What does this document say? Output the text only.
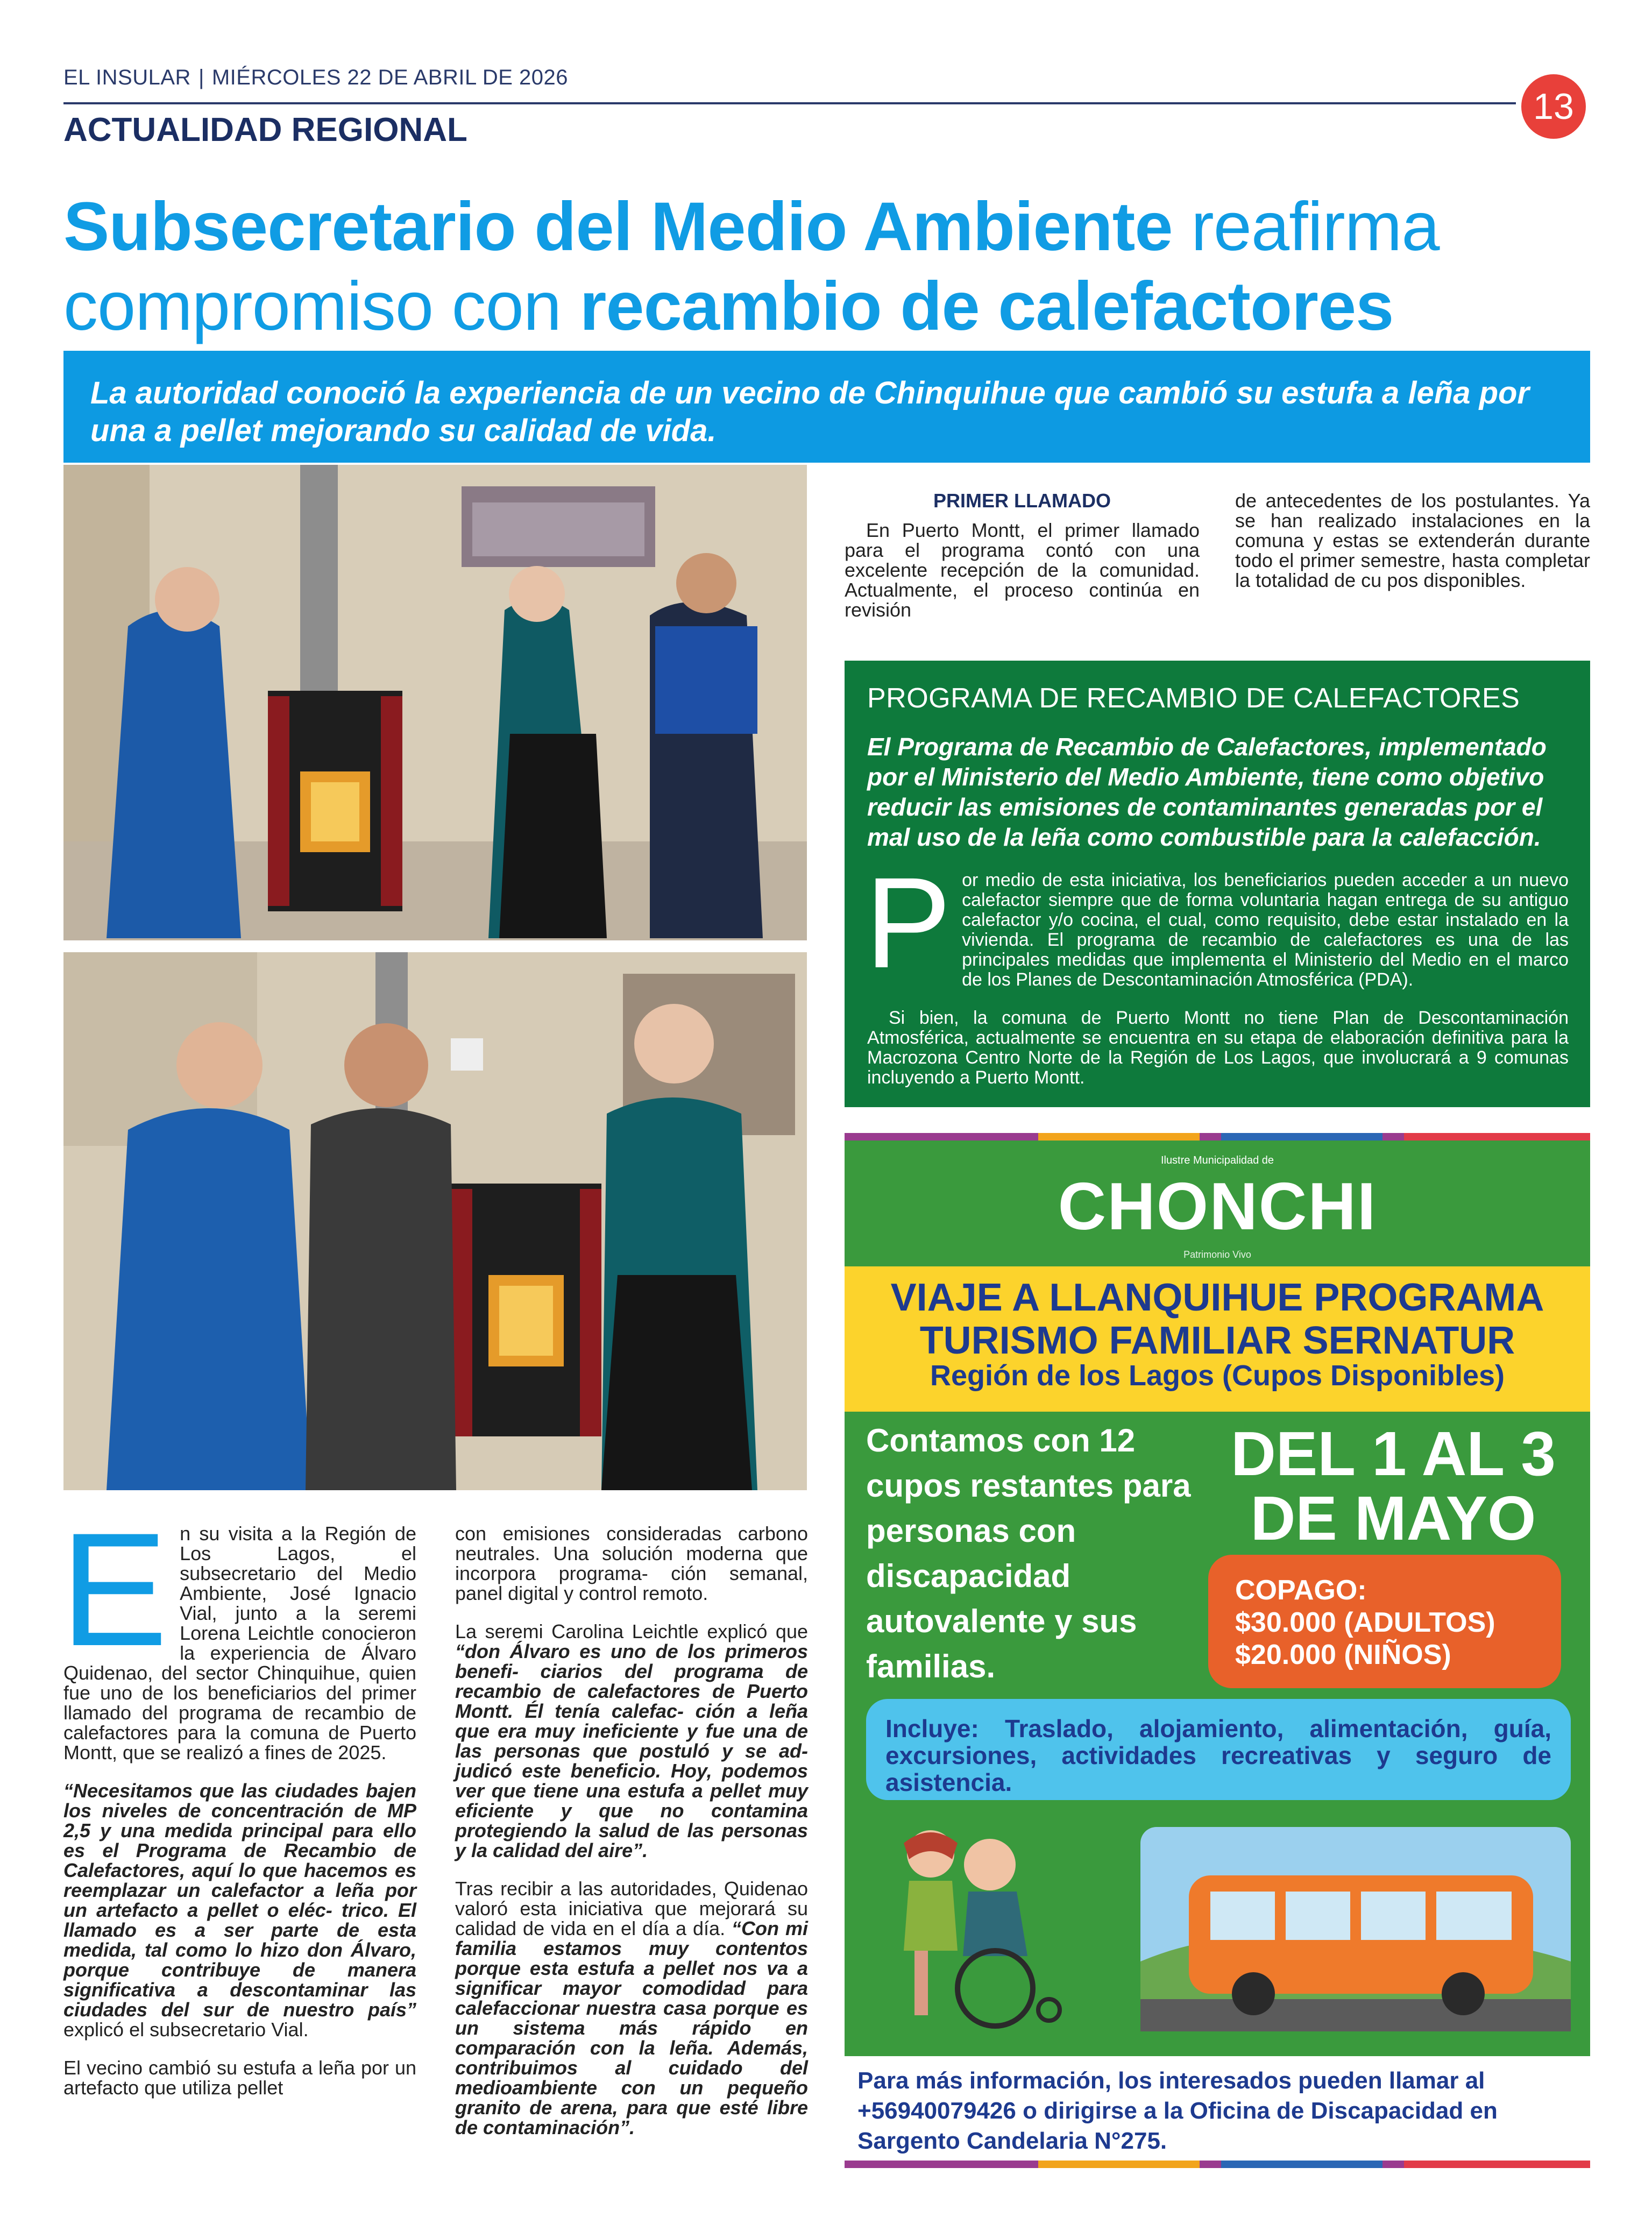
EL INSULAR | MIÉRCOLES 22 DE ABRIL DE 2026
13
ACTUALIDAD REGIONAL
Subsecretario del Medio Ambiente reafirma
compromiso con recambio de calefactores
La autoridad conoció la experiencia de un vecino de Chinquihue que cambió su estufa a leña por una a pellet mejorando su calidad de vida.

En su visita a la Región de Los Lagos, el subsecretario del Medio Ambiente, José Ignacio Vial, junto a la seremi Lorena Leichtle conocieron la experiencia de Álvaro Quidenao, del sector Chinquihue, quien fue uno de los beneficiarios del primer llamado del programa de recambio de calefactores para la comuna de Puerto Montt, que se realizó a fines de 2025.

“Necesitamos que las ciudades bajen los niveles de concentración de MP 2,5 y una medida principal para ello es el Programa de Recambio de Calefactores, aquí lo que hacemos es reemplazar un calefactor a leña por un artefacto a pellet o eléc- trico. El llamado es a ser parte de esta medida, tal como lo hizo don Álvaro, porque contribuye de manera significativa a descontaminar las ciudades del sur de nuestro país” explicó el subsecretario Vial.

El vecino cambió su estufa a leña por un artefacto que utiliza pellet

con emisiones consideradas carbono neutrales. Una solución moderna que incorpora programa- ción semanal, panel digital y control remoto.

La seremi Carolina Leichtle explicó que “don Álvaro es uno de los primeros benefi- ciarios del programa de recambio de calefactores de Puerto Montt. Él tenía calefac- ción a leña que era muy ineficiente y fue una de las personas que postuló y se ad- judicó este beneficio. Hoy, podemos ver que tiene una estufa a pellet muy eficiente y que no contamina protegiendo la salud de las personas y la calidad del aire”.

Tras recibir a las autoridades, Quidenao valoró esta iniciativa que mejorará su calidad de vida en el día a día. “Con mi familia estamos muy contentos porque esta estufa a pellet nos va a significar mayor comodidad para calefaccionar nuestra casa porque es un sistema más rápido en comparación con la leña. Además, contribuimos al cuidado del medioambiente con un pequeño granito de arena, para que esté libre de contaminación”.

PRIMER LLAMADO

En Puerto Montt, el primer llamado para el programa contó con una excelente recepción de la comunidad. Actualmente, el proceso continúa en revisión

de antecedentes de los postulantes. Ya se han realizado instalaciones en la comuna y estas se extenderán durante todo el primer semestre, hasta completar la totalidad de cu pos disponibles.

PROGRAMA DE RECAMBIO DE CALEFACTORES
El Programa de Recambio de Calefactores, implementado por el Ministerio del Medio Ambiente, tiene como objetivo reducir las emisiones de contaminantes generadas por el mal uso de la leña como combustible para la calefacción.

Por medio de esta iniciativa, los beneficiarios pueden acceder a un nuevo calefactor siempre que de forma voluntaria hagan entrega de su antiguo calefactor y/o cocina, el cual, como requisito, debe estar instalado en la vivienda. El programa de recambio de calefactores es una de las principales medidas que implementa el Ministerio del Medio en el marco de los Planes de Descontaminación Atmosférica (PDA).

Si bien, la comuna de Puerto Montt no tiene Plan de Descontaminación Atmosférica, actualmente se encuentra en su etapa de elaboración definitiva para la Macrozona Centro Norte de la Región de Los Lagos, que involucrará a 9 comunas incluyendo a Puerto Montt.

Ilustre Municipalidad de
CHONCHI
Patrimonio Vivo
VIAJE A LLANQUIHUE PROGRAMA
TURISMO FAMILIAR SERNATUR
Región de los Lagos (Cupos Disponibles)
Contamos con 12 cupos restantes para personas con discapacidad autovalente y sus familias.
DEL 1 AL 3
DE MAYO
COPAGO:
$30.000 (ADULTOS)
$20.000 (NIÑOS)
Incluye: Traslado, alojamiento, alimentación, guía, excursiones, actividades recreativas y seguro de asistencia.
Para más información, los interesados pueden llamar al +56940079426 o dirigirse a la Oficina de Discapacidad en Sargento Candelaria N°275.
